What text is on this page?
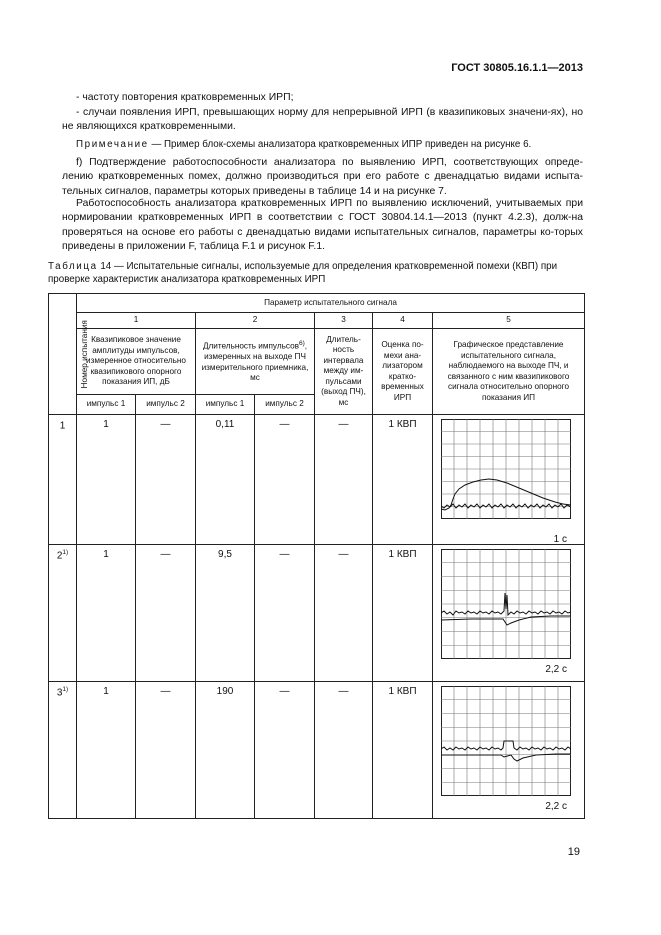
ГОСТ 30805.16.1.1—2013

- частоту повторения кратковременных ИРП;

- случаи появления ИРП, превышающих норму для непрерывной ИРП (в квазипиковых значени-ях), но не являющихся кратковременными.

Примечание — Пример блок-схемы анализатора кратковременных ИПР приведен на рисунке 6.

f) Подтверждение работоспособности анализатора по выявлению ИРП, соответствующих опреде-лению кратковременных помех, должно производиться при его работе с двенадцатью видами испыта-тельных сигналов, параметры которых приведены в таблице 14 и на рисунке 7.

Работоспособность анализатора кратковременных ИРП по выявлению исключений, учитываемых при нормировании кратковременных ИРП в соответствии с ГОСТ 30804.14.1—2013 (пункт 4.2.3), долж-на проверяться на основе его работы с двенадцатью видами испытательных сигналов, параметры ко-торых приведены в приложении F, таблица F.1 и рисунок F.1.

Таблица 14 — Испытательные сигналы, используемые для определения кратковременной помехи (КВП) при проверке характеристик анализатора кратковременных ИРП

Номер испытания	Параметр испытательного сигнала						
	1		2		3	4	5
	Квазипиковое значение амплитуды импульсов, измеренное относительно квазипикового опорного показания ИП, дБ		Длительность импульсов$^{6)}$, измеренных на выходе ПЧ измерительного приемника, мс		Длитель-ность интервала между им-пульсами (выход ПЧ), мс	Оценка по-мехи ана-лизатором кратко-временных ИРП	Графическое представление испытательного сигнала, наблюдаемого на выходе ПЧ, и связанного с ним квазипикового сигнала относительно опорного показания ИП
	импульс 1	импульс 2	импульс 1	импульс 2			
1	1	—	0,11	—	—	1 КВП	1 с

2$^{1)}$	1	—	9,5	—	—	1 КВП	2,2 с

3$^{1)}$	1	—	190	—	—	1 КВП	2,2 с
19
